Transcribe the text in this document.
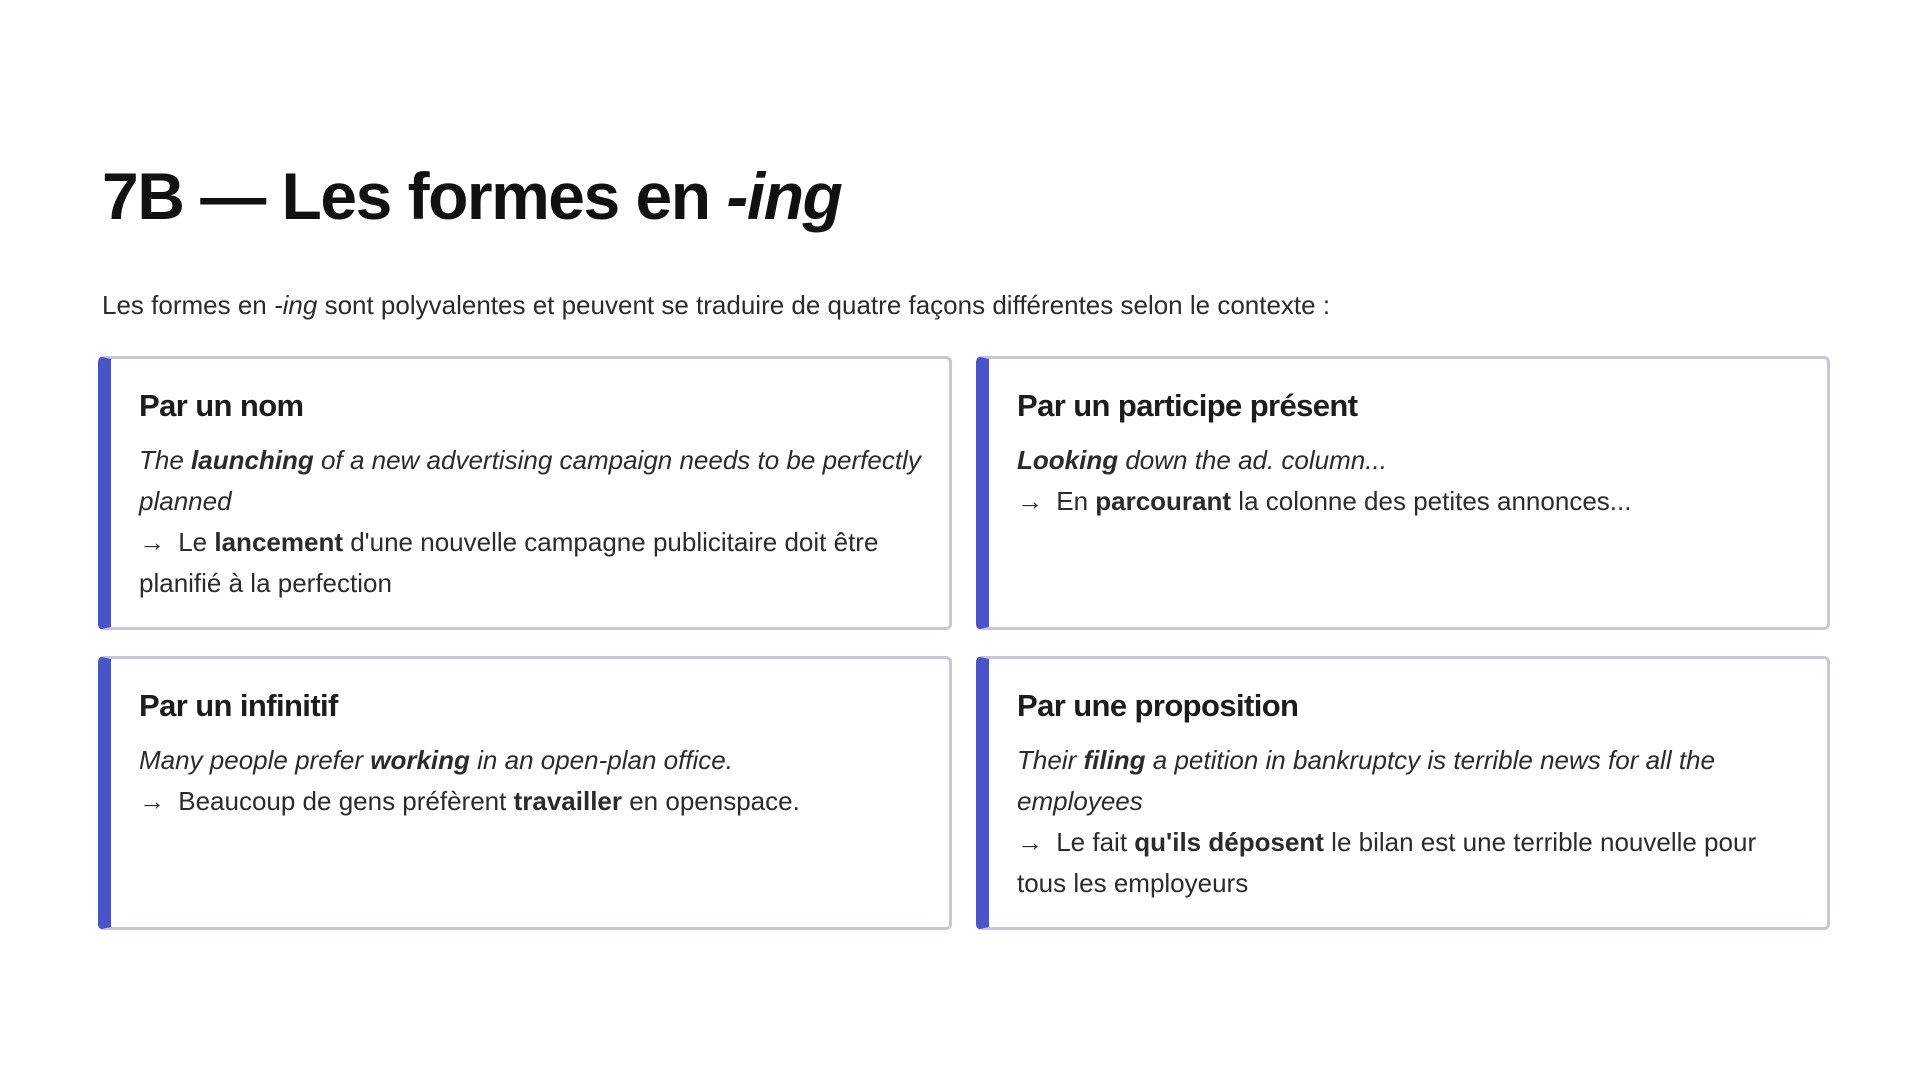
7B — Les formes en -ing

Les formes en -ing sont polyvalentes et peuvent se traduire de quatre façons différentes selon le contexte :

Par un nom
The launching of a new advertising campaign needs to be perfectly planned
→ Le lancement d'une nouvelle campagne publicitaire doit être planifié à la perfection
Par un participe présent
Looking down the ad. column...
→ En parcourant la colonne des petites annonces...
Par un infinitif
Many people prefer working in an open-plan office.
→ Beaucoup de gens préfèrent travailler en openspace.
Par une proposition
Their filing a petition in bankruptcy is terrible news for all the employees
→ Le fait qu'ils déposent le bilan est une terrible nouvelle pour tous les employeurs
